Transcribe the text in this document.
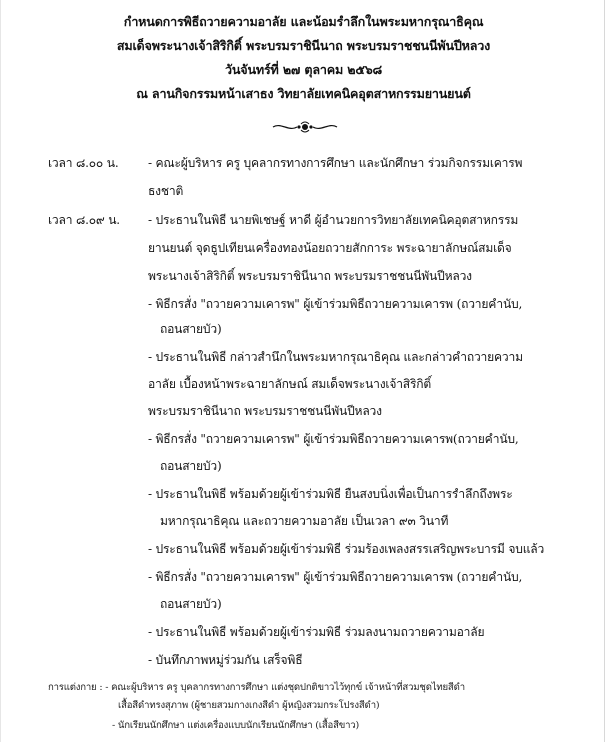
กำหนดการพิธีถวายความอาลัย และน้อมรำลึกในพระมหากรุณาธิคุณ
สมเด็จพระนางเจ้าสิริกิติ์ พระบรมราชินีนาถ พระบรมราชชนนีพันปีหลวง
วันจันทร์ที่ ๒๗ ตุลาคม ๒๕๖๘
ณ ลานกิจกรรมหน้าเสาธง วิทยาลัยเทคนิคอุตสาหกรรมยานยนต์
เวลา ๘.๐๐ น. - คณะผู้บริหาร ครู บุคลากรทางการศึกษา และนักศึกษา ร่วมกิจกรรมเคารพ
ธงชาติ
เวลา ๘.๐๙ น. - ประธานในพิธี นายพิเชษฐ์ หาดี ผู้อำนวยการวิทยาลัยเทคนิคอุตสาหกรรม
ยานยนต์ จุดธูปเทียนเครื่องทองน้อยถวายสักการะ พระฉายาลักษณ์สมเด็จ
พระนางเจ้าสิริกิติ์ พระบรมราชินีนาถ พระบรมราชชนนีพันปีหลวง
- พิธีกรสั่ง "ถวายความเคารพ" ผู้เข้าร่วมพิธีถวายความเคารพ (ถวายคำนับ,
ถอนสายบัว)
- ประธานในพิธี กล่าวสำนึกในพระมหากรุณาธิคุณ และกล่าวคำถวายความ
อาลัย เบื้องหน้าพระฉายาลักษณ์ สมเด็จพระนางเจ้าสิริกิติ์
พระบรมราชินีนาถ พระบรมราชชนนีพันปีหลวง
- พิธีกรสั่ง "ถวายความเคารพ" ผู้เข้าร่วมพิธีถวายความเคารพ(ถวายคำนับ,
ถอนสายบัว)
- ประธานในพิธี พร้อมด้วยผู้เข้าร่วมพิธี ยืนสงบนิ่งเพื่อเป็นการรำลึกถึงพระ
มหากรุณาธิคุณ และถวายความอาลัย เป็นเวลา ๙๓ วินาที
- ประธานในพิธี พร้อมด้วยผู้เข้าร่วมพิธี ร่วมร้องเพลงสรรเสริญพระบารมี จบแล้ว
- พิธีกรสั่ง "ถวายความเคารพ" ผู้เข้าร่วมพิธีถวายความเคารพ (ถวายคำนับ,
ถอนสายบัว)
- ประธานในพิธี พร้อมด้วยผู้เข้าร่วมพิธี ร่วมลงนามถวายความอาลัย
- บันทึกภาพหมู่ร่วมกัน เสร็จพิธี
การแต่งกาย : - คณะผู้บริหาร ครู บุคลากรทางการศึกษา แต่งชุดปกติขาวไว้ทุกข์ เจ้าหน้าที่สวมชุดไทยสีดำ
เสื้อสีดำทรงสุภาพ (ผู้ชายสวมกางเกงสีดำ ผู้หญิงสวมกระโปรงสีดำ)
- นักเรียนนักศึกษา แต่งเครื่องแบบนักเรียนนักศึกษา (เสื้อสีขาว)
